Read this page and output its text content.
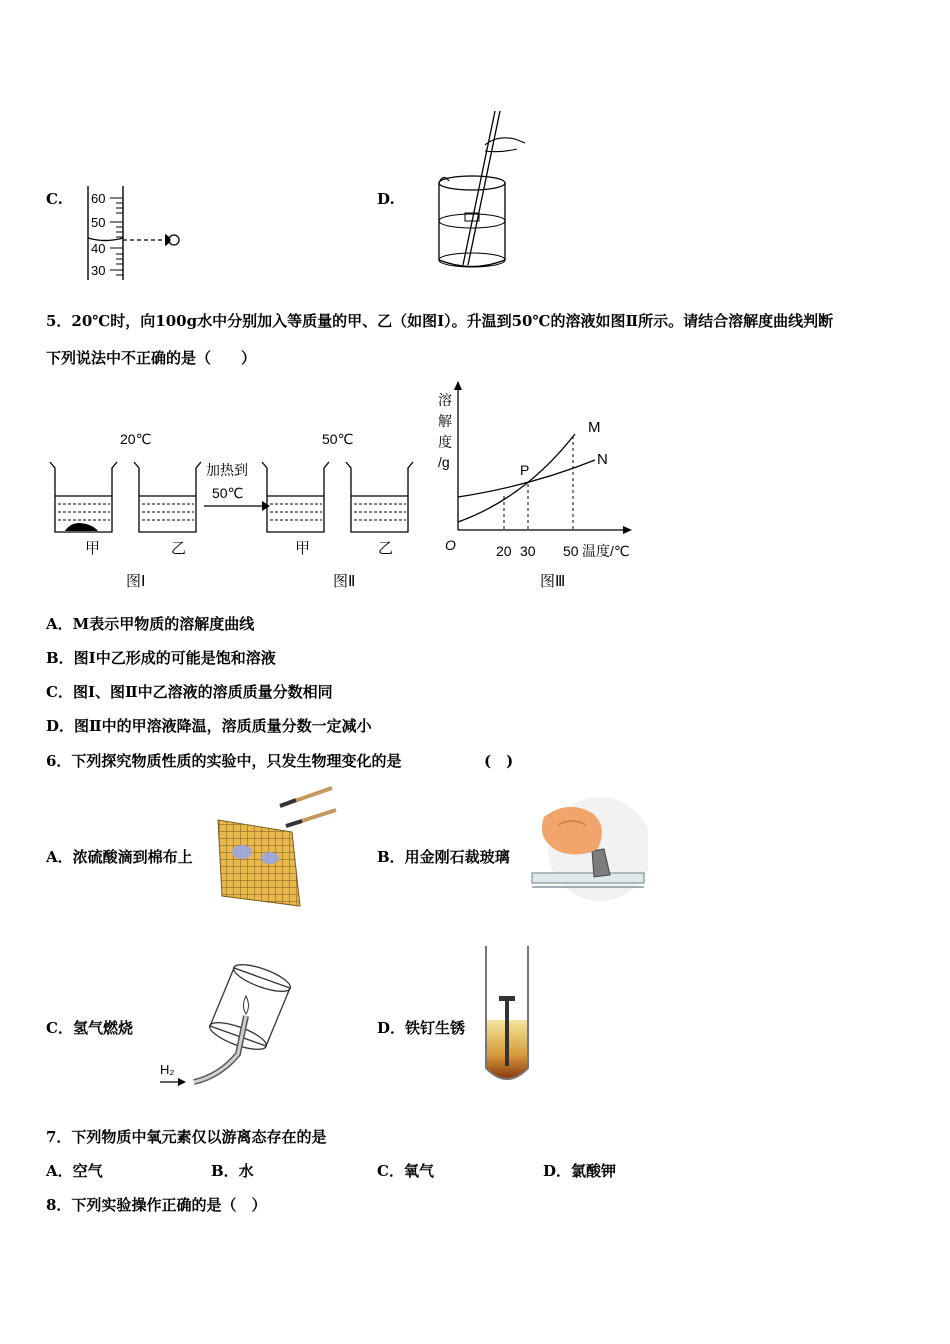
C. 60
50
40
30
D.
5．20℃时，向100g水中分别加入等质量的甲、乙（如图Ⅰ）。升温到50℃的溶液如图Ⅱ所示。请结合溶解度曲线判断
下列说法中不正确的是（　　）
20℃	50℃
加热到
50℃
甲	乙	甲	乙
图Ⅰ	图Ⅱ
溶
解
度
/g
M
N
P
O	20 30 50 温度/℃
图Ⅲ
A．M表示甲物质的溶解度曲线
B．图Ⅰ中乙形成的可能是饱和溶液
C．图Ⅰ、图Ⅱ中乙溶液的溶质质量分数相同
D．图Ⅱ中的甲溶液降温，溶质质量分数一定减小
6．下列探究物质性质的实验中，只发生物理变化的是	(　)
A．浓硫酸滴到棉布上	B．用金刚石裁玻璃
C．氢气燃烧
H₂
D．铁钉生锈
7．下列物质中氧元素仅以游离态存在的是
A．空气	B．水	C．氧气	D．氯酸钾
8．下列实验操作正确的是（　）
